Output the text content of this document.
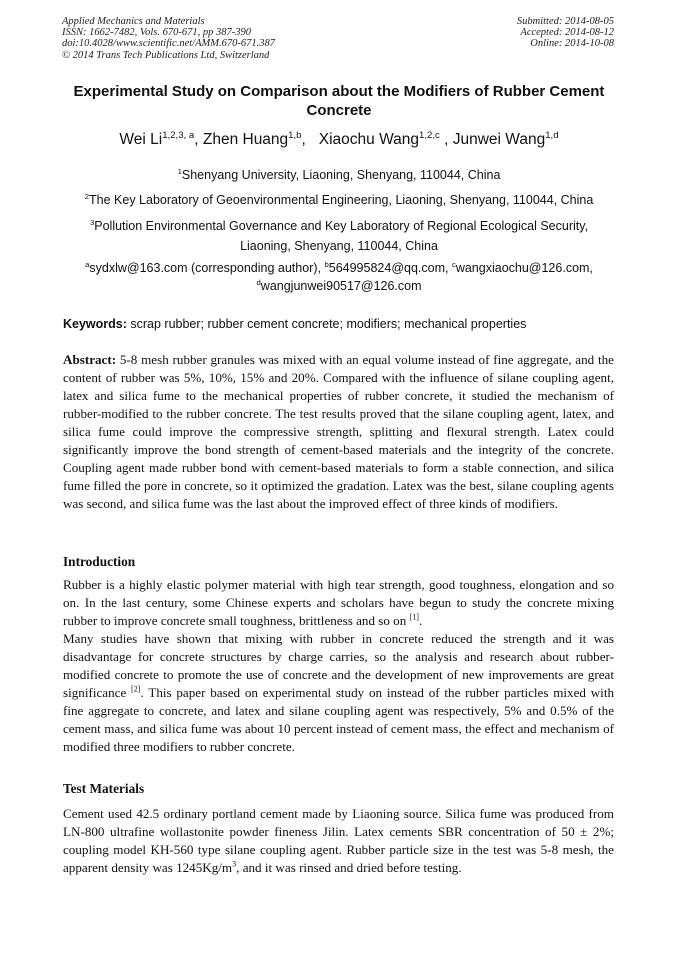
Applied Mechanics and Materials
ISSN: 1662-7482, Vols. 670-671, pp 387-390
doi:10.4028/www.scientific.net/AMM.670-671.387
© 2014 Trans Tech Publications Ltd, Switzerland
Submitted: 2014-08-05
Accepted: 2014-08-12
Online: 2014-10-08
Experimental Study on Comparison about the Modifiers of Rubber Cement Concrete
Wei Li$^{1,2,3, a}$, Zhen Huang$^{1,b}$,   Xiaochu Wang$^{1,2,c}$ , Junwei Wang$^{1,d}$
$^1$Shenyang University, Liaoning, Shenyang, 110044, China
$^2$The Key Laboratory of Geoenvironmental Engineering, Liaoning, Shenyang, 110044, China
$^3$Pollution Environmental Governance and Key Laboratory of Regional Ecological Security, Liaoning, Shenyang, 110044, China
$^a$sydxlw@163.com (corresponding author), $^b$564995824@qq.com, $^c$wangxiaochu@126.com,
$^d$wangjunwei90517@126.com
Keywords: scrap rubber; rubber cement concrete; modifiers; mechanical properties

Abstract: 5-8 mesh rubber granules was mixed with an equal volume instead of fine aggregate, and the content of rubber was 5%, 10%, 15% and 20%. Compared with the influence of silane coupling agent, latex and silica fume to the mechanical properties of rubber concrete, it studied the mechanism of rubber-modified to the rubber concrete. The test results proved that the silane coupling agent, latex, and silica fume could improve the compressive strength, splitting and flexural strength. Latex could significantly improve the bond strength of cement-based materials and the integrity of the concrete. Coupling agent made rubber bond with cement-based materials to form a stable connection, and silica fume filled the pore in concrete, so it optimized the gradation. Latex was the best, silane coupling agents was second, and silica fume was the last about the improved effect of three kinds of modifiers.

Introduction

Rubber is a highly elastic polymer material with high tear strength, good toughness, elongation and so on. In the last century, some Chinese experts and scholars have begun to study the concrete mixing rubber to improve concrete small toughness, brittleness and so on [1].

Many studies have shown that mixing with rubber in concrete reduced the strength and it was disadvantage for concrete structures by charge carries, so the analysis and research about rubber-modified concrete to promote the use of concrete and the development of new improvements are great significance [2]. This paper based on experimental study on instead of the rubber particles mixed with fine aggregate to concrete, and latex and silane coupling agent was respectively, 5% and 0.5% of the cement mass, and silica fume was about 10 percent instead of cement mass, the effect and mechanism of modified three modifiers to rubber concrete.

Test Materials

Cement used 42.5 ordinary portland cement made by Liaoning source. Silica fume was produced from LN-800 ultrafine wollastonite powder fineness Jilin. Latex cements SBR concentration of 50 ± 2%; coupling model KH-560 type silane coupling agent. Rubber particle size in the test was 5-8 mesh, the apparent density was 1245Kg/m$^3$, and it was rinsed and dried before testing.
